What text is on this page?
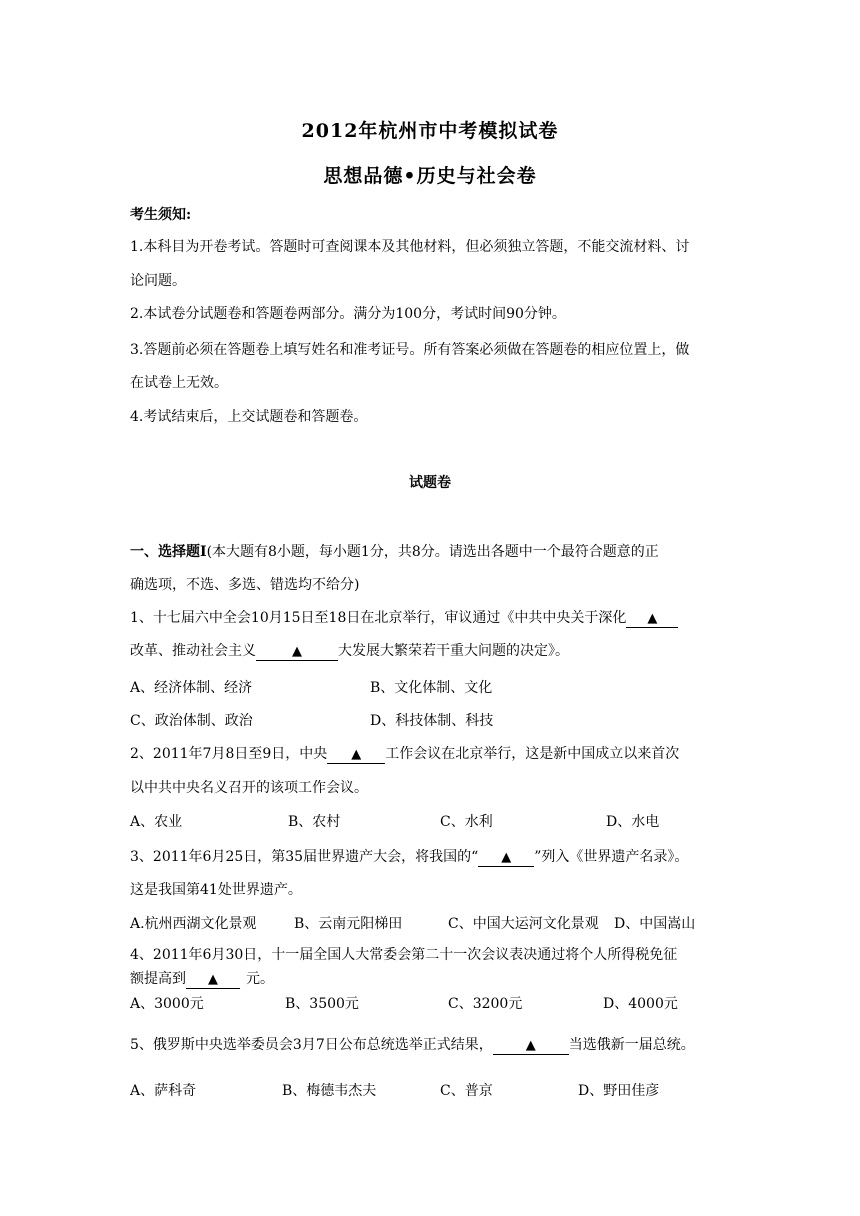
2012年杭州市中考模拟试卷
思想品德•历史与社会卷
考生须知:
1.本科目为开卷考试。答题时可查阅课本及其他材料，但必须独立答题，不能交流材料、讨
论问题。
2.本试卷分试题卷和答题卷两部分。满分为100分，考试时间90分钟。
3.答题前必须在答题卷上填写姓名和准考证号。所有答案必须做在答题卷的相应位置上，做
在试卷上无效。
4.考试结束后，上交试题卷和答题卷。
试题卷
一、选择题Ⅰ(本大题有8小题，每小题1分，共8分。请选出各题中一个最符合题意的正
确选项，不选、多选、错选均不给分)
1、十七届六中全会10月15日至18日在北京举行，审议通过《中共中央关于深化 ▲
改革、推动社会主义	▲	大发展大繁荣若干重大问题的决定》。
A、经济体制、经济	B、文化体制、文化
C、政治体制、政治	D、科技体制、科技
2、2011年7月8日至9日，中央 ▲ 工作会议在北京举行，这是新中国成立以来首次
以中共中央名义召开的该项工作会议。
A、农业	B、农村	C、水利	D、水电
3、2011年6月25日，第35届世界遗产大会，将我国的“ ▲ ”列入《世界遗产名录》。
这是我国第41处世界遗产。
A.杭州西湖文化景观	B、云南元阳梯田	C、中国大运河文化景观 D、中国嵩山
4、2011年6月30日，十一届全国人大常委会第二十一次会议表决通过将个人所得税免征
额提高到 ▲ 元。
A、3000元	B、3500元	C、3200元	D、4000元
5、俄罗斯中央选举委员会3月7日公布总统选举正式结果，	▲ 当选俄新一届总统。
A、萨科奇	B、梅德韦杰夫	C、普京	D、野田佳彦
